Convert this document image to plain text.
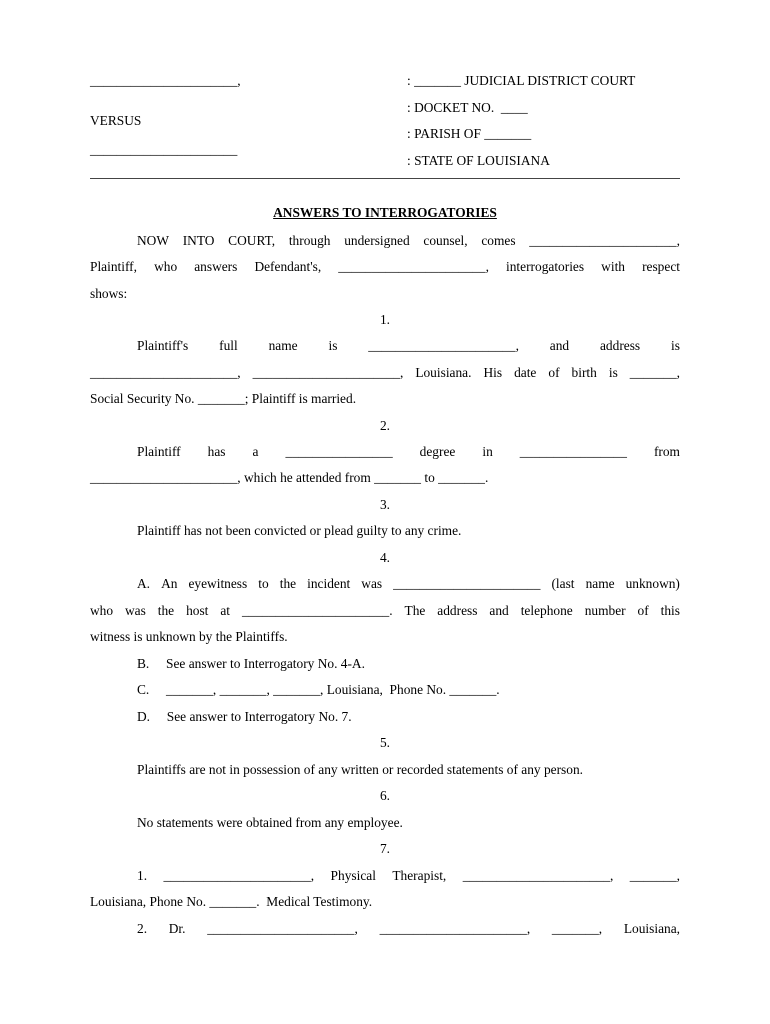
______________________,
VERSUS
______________________
: _______ JUDICIAL DISTRICT COURT
: DOCKET NO.  ____
: PARISH OF _______
: STATE OF LOUISIANA
ANSWERS TO INTERROGATORIES
NOW INTO COURT, through undersigned counsel, comes ______________________,
Plaintiff, who answers Defendant's, ______________________, interrogatories with respect
shows:
1.
Plaintiff's full name is ______________________, and address is
______________________, ______________________, Louisiana. His date of birth is _______,
Social Security No. _______; Plaintiff is married.
2.
Plaintiff has a ________________ degree in ________________ from
______________________, which he attended from _______ to _______.
3.
Plaintiff has not been convicted or plead guilty to any crime.
4.
A. An eyewitness to the incident was ______________________ (last name unknown)
who was the host at ______________________. The address and telephone number of this
witness is unknown by the Plaintiffs.
B.     See answer to Interrogatory No. 4-A.
C.     _______, _______, _______, Louisiana,  Phone No. _______.
D.     See answer to Interrogatory No. 7.
5.
Plaintiffs are not in possession of any written or recorded statements of any person.
6.
No statements were obtained from any employee.
7.
1. ______________________, Physical Therapist, ______________________, _______,
Louisiana, Phone No. _______.  Medical Testimony.
2. Dr. ______________________, ______________________, _______, Louisiana,
